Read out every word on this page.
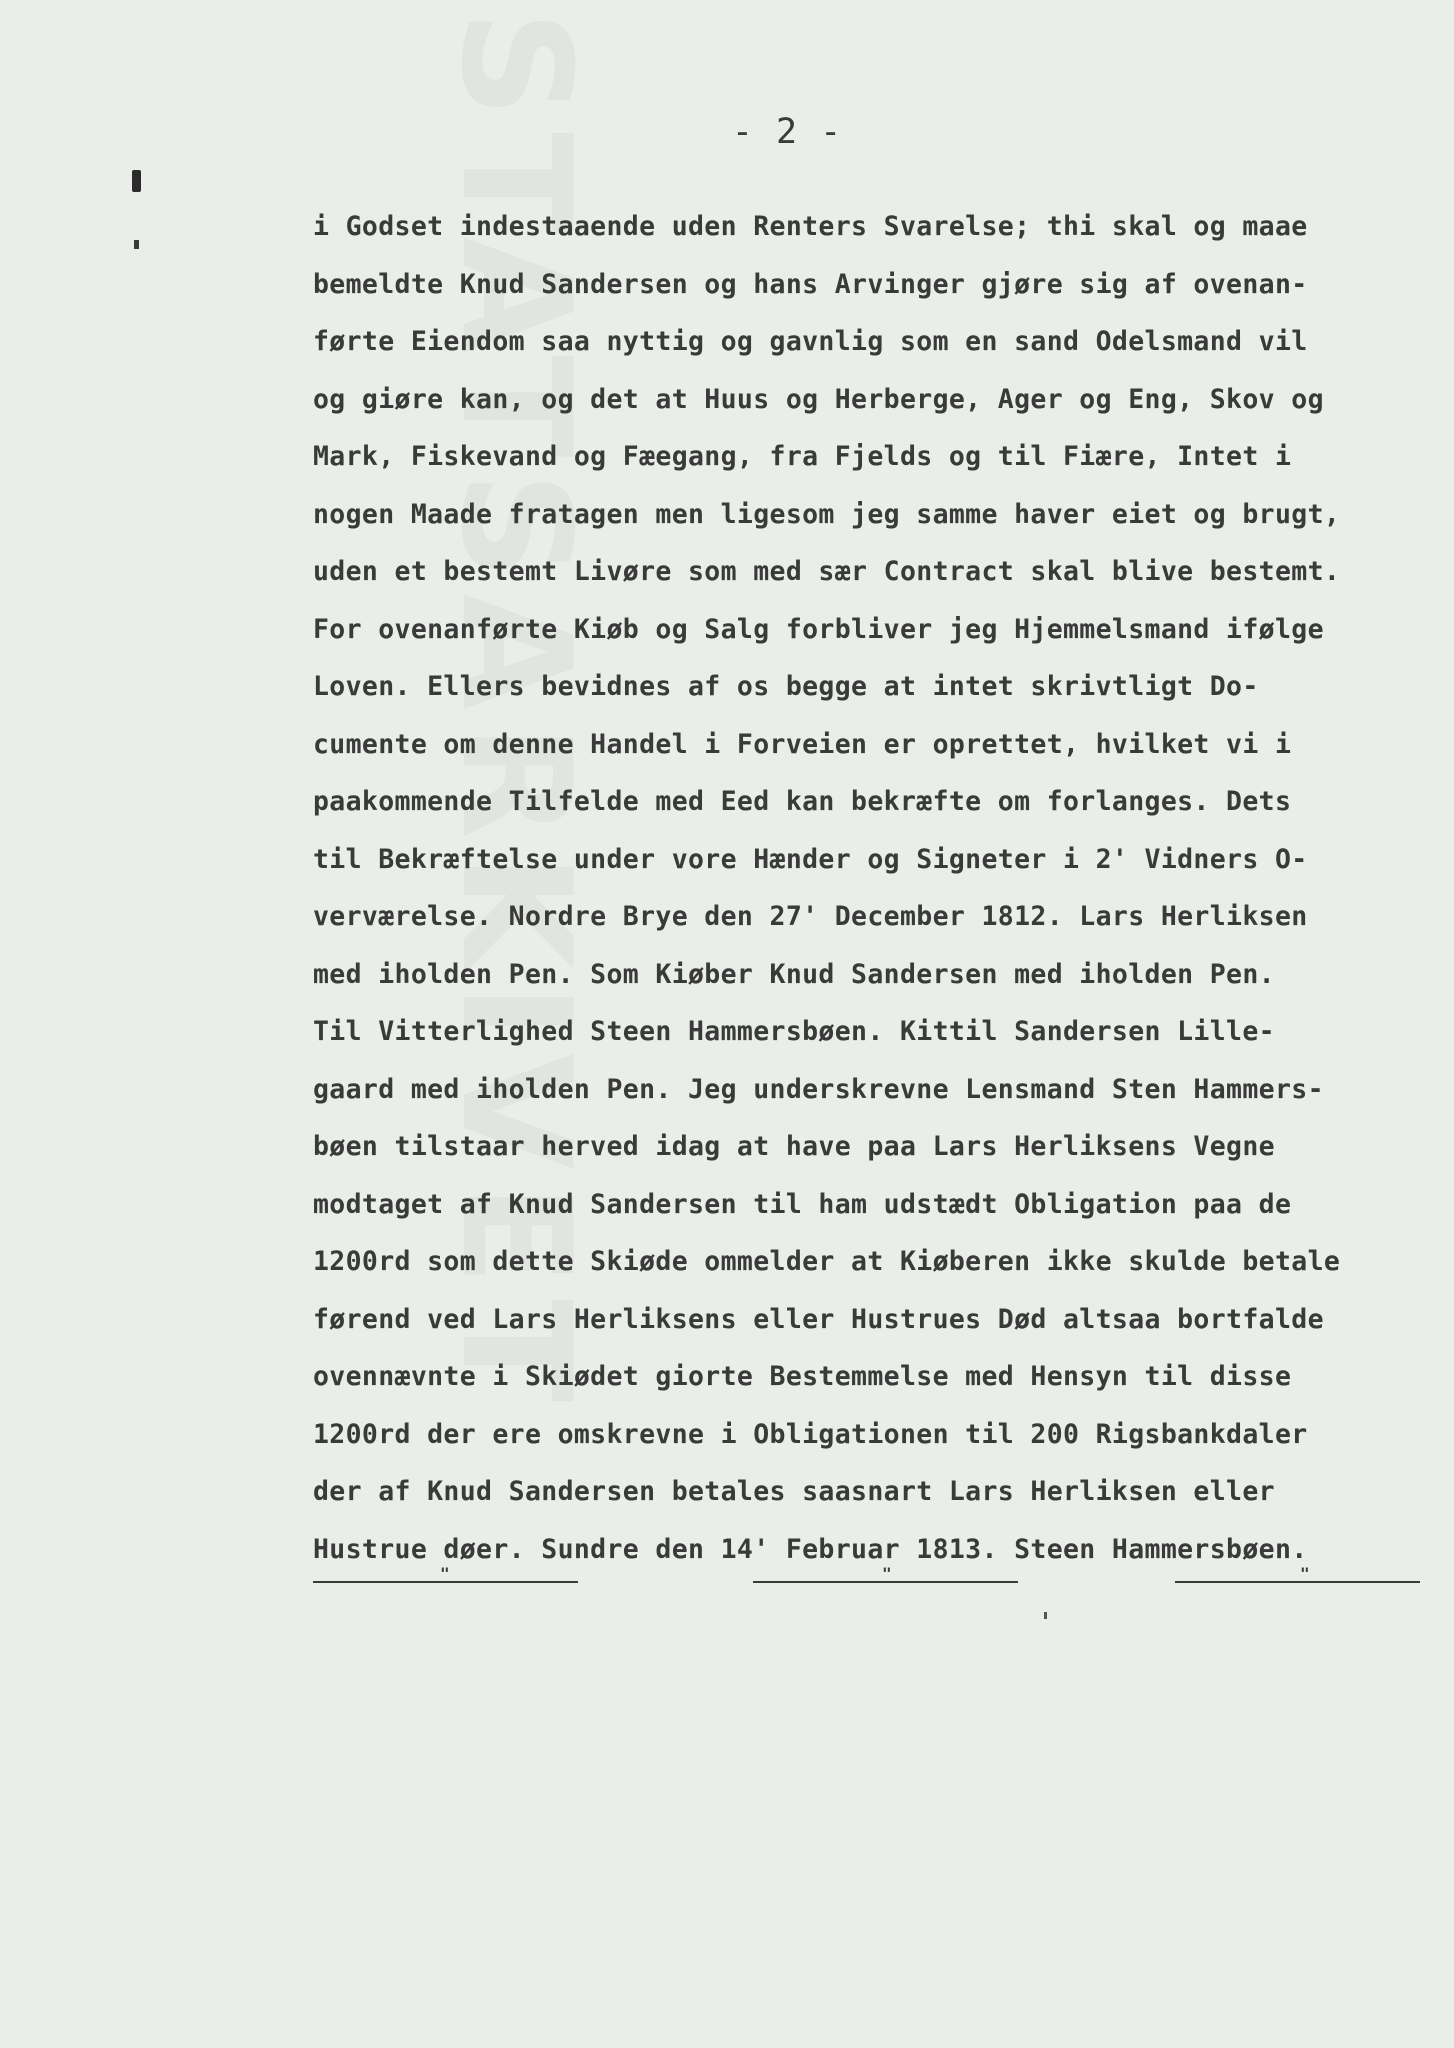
STATSARKIVET	- 2 -
i Godset indestaaende uden Renters Svarelse; thi skal og maae
bemeldte Knud Sandersen og hans Arvinger gjøre sig af ovenan-
førte Eiendom saa nyttig og gavnlig som en sand Odelsmand vil
og giøre kan, og det at Huus og Herberge, Ager og Eng, Skov og
Mark, Fiskevand og Fæegang, fra Fjelds og til Fiære, Intet i
nogen Maade fratagen men ligesom jeg samme haver eiet og brugt,
uden et bestemt Livøre som med sær Contract skal blive bestemt.
For ovenanførte Kiøb og Salg forbliver jeg Hjemmelsmand ifølge
Loven. Ellers bevidnes af os begge at intet skrivtligt Do-
cumente om denne Handel i Forveien er oprettet, hvilket vi i
paakommende Tilfelde med Eed kan bekræfte om forlanges. Dets
til Bekræftelse under vore Hænder og Signeter i 2' Vidners O-
verværelse. Nordre Brye den 27' December 1812. Lars Herliksen
med iholden Pen. Som Kiøber Knud Sandersen med iholden Pen.
Til Vitterlighed Steen Hammersbøen. Kittil Sandersen Lille-
gaard med iholden Pen. Jeg underskrevne Lensmand Sten Hammers-
bøen tilstaar herved idag at have paa Lars Herliksens Vegne
modtaget af Knud Sandersen til ham udstædt Obligation paa de
1200rd som dette Skiøde ommelder at Kiøberen ikke skulde betale
førend ved Lars Herliksens eller Hustrues Død altsaa bortfalde
ovennævnte i Skiødet giorte Bestemmelse med Hensyn til disse
1200rd der ere omskrevne i Obligationen til 200 Rigsbankdaler
der af Knud Sandersen betales saasnart Lars Herliksen eller
Hustrue døer. Sundre den 14' Februar 1813. Steen Hammersbøen.
"	"	"
